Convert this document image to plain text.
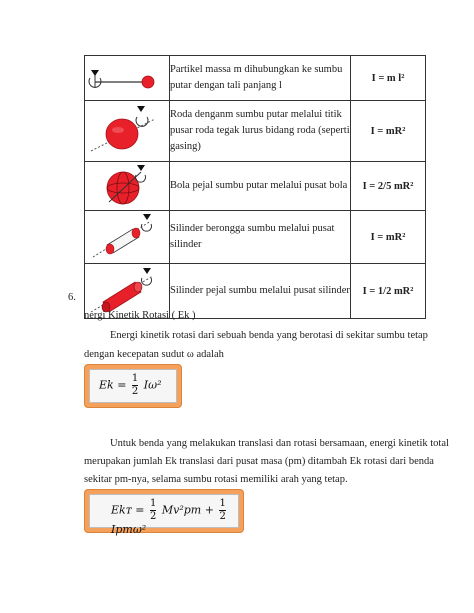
	Partikel massa m dihubungkan ke sumbu putar dengan tali panjang l	I = m l²

	Roda denganm sumbu putar melalui titik pusar roda tegak lurus bidang roda (seperti gasing)	I = mR²

	Bola pejal sumbu putar melalui pusat bola	I = 2/5 mR²

	Silinder berongga sumbu melalui pusat silinder	I = mR²

	Silinder pejal sumbu melalui pusat silinder	I = 1/2 mR²
6.
nergi Kinetik Rotasi ( Ek )
Energi kinetik rotasi dari sebuah benda yang berotasi di sekitar sumbu tetap
dengan kecepatan sudut ω adalah
$Ek = \frac{1}{2} I\omega^2$
Untuk benda yang melakukan translasi dan rotasi bersamaan, energi kinetik total
merupakan jumlah Ek translasi dari pusat masa (pm) ditambah Ek rotasi dari benda
sekitar pm-nya, selama sumbu rotasi memiliki arah yang tetap.
Ekᴛ = $\frac{1}{2} Mv^2pm + \frac{1}{2}$
Ipmω²
